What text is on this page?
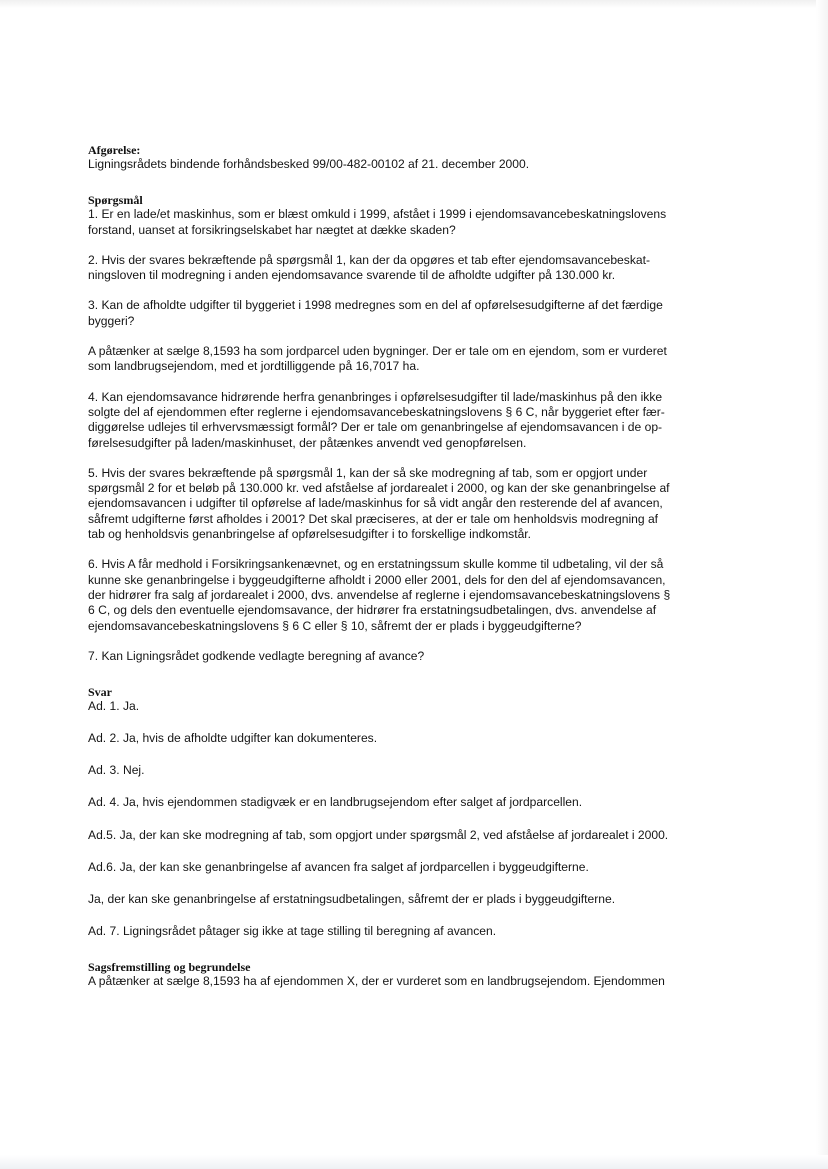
Afgørelse:

Ligningsrådets bindende forhåndsbesked 99/00-482-00102 af 21. december 2000.

Spørgsmål

1. Er en lade/et maskinhus, som er blæst omkuld i 1999, afstået i 1999 i ejendomsavancebeskatningslovens

forstand, uanset at forsikringselskabet har nægtet at dække skaden?

2. Hvis der svares bekræftende på spørgsmål 1, kan der da opgøres et tab efter ejendomsavancebeskat-

ningsloven til modregning i anden ejendomsavance svarende til de afholdte udgifter på 130.000 kr.

3. Kan de afholdte udgifter til byggeriet i 1998 medregnes som en del af opførelsesudgifterne af det færdige

byggeri?

A påtænker at sælge 8,1593 ha som jordparcel uden bygninger. Der er tale om en ejendom, som er vurderet

som landbrugsejendom, med et jordtilliggende på 16,7017 ha.

4. Kan ejendomsavance hidrørende herfra genanbringes i opførelsesudgifter til lade/maskinhus på den ikke

solgte del af ejendommen efter reglerne i ejendomsavancebeskatningslovens § 6 C, når byggeriet efter fær-

diggørelse udlejes til erhvervsmæssigt formål? Der er tale om genanbringelse af ejendomsavancen i de op-

førelsesudgifter på laden/maskinhuset, der påtænkes anvendt ved genopførelsen.

5. Hvis der svares bekræftende på spørgsmål 1, kan der så ske modregning af tab, som er opgjort under

spørgsmål 2 for et beløb på 130.000 kr. ved afståelse af jordarealet i 2000, og kan der ske genanbringelse af

ejendomsavancen i udgifter til opførelse af lade/maskinhus for så vidt angår den resterende del af avancen,

såfremt udgifterne først afholdes i 2001? Det skal præciseres, at der er tale om henholdsvis modregning af

tab og henholdsvis genanbringelse af opførelsesudgifter i to forskellige indkomstår.

6. Hvis A får medhold i Forsikringsankenævnet, og en erstatningssum skulle komme til udbetaling, vil der så

kunne ske genanbringelse i byggeudgifterne afholdt i 2000 eller 2001, dels for den del af ejendomsavancen,

der hidrører fra salg af jordarealet i 2000, dvs. anvendelse af reglerne i ejendomsavancebeskatningslovens §

6 C, og dels den eventuelle ejendomsavance, der hidrører fra erstatningsudbetalingen, dvs. anvendelse af

ejendomsavancebeskatningslovens § 6 C eller § 10, såfremt der er plads i byggeudgifterne?

7. Kan Ligningsrådet godkende vedlagte beregning af avance?

Svar

Ad. 1. Ja.

Ad. 2. Ja, hvis de afholdte udgifter kan dokumenteres.

Ad. 3. Nej.

Ad. 4. Ja, hvis ejendommen stadigvæk er en landbrugsejendom efter salget af jordparcellen.

Ad.5. Ja, der kan ske modregning af tab, som opgjort under spørgsmål 2, ved afståelse af jordarealet i 2000.

Ad.6. Ja, der kan ske genanbringelse af avancen fra salget af jordparcellen i byggeudgifterne.

Ja, der kan ske genanbringelse af erstatningsudbetalingen, såfremt der er plads i byggeudgifterne.

Ad. 7. Ligningsrådet påtager sig ikke at tage stilling til beregning af avancen.

Sagsfremstilling og begrundelse

A påtænker at sælge 8,1593 ha af ejendommen X, der er vurderet som en landbrugsejendom. Ejendommen
